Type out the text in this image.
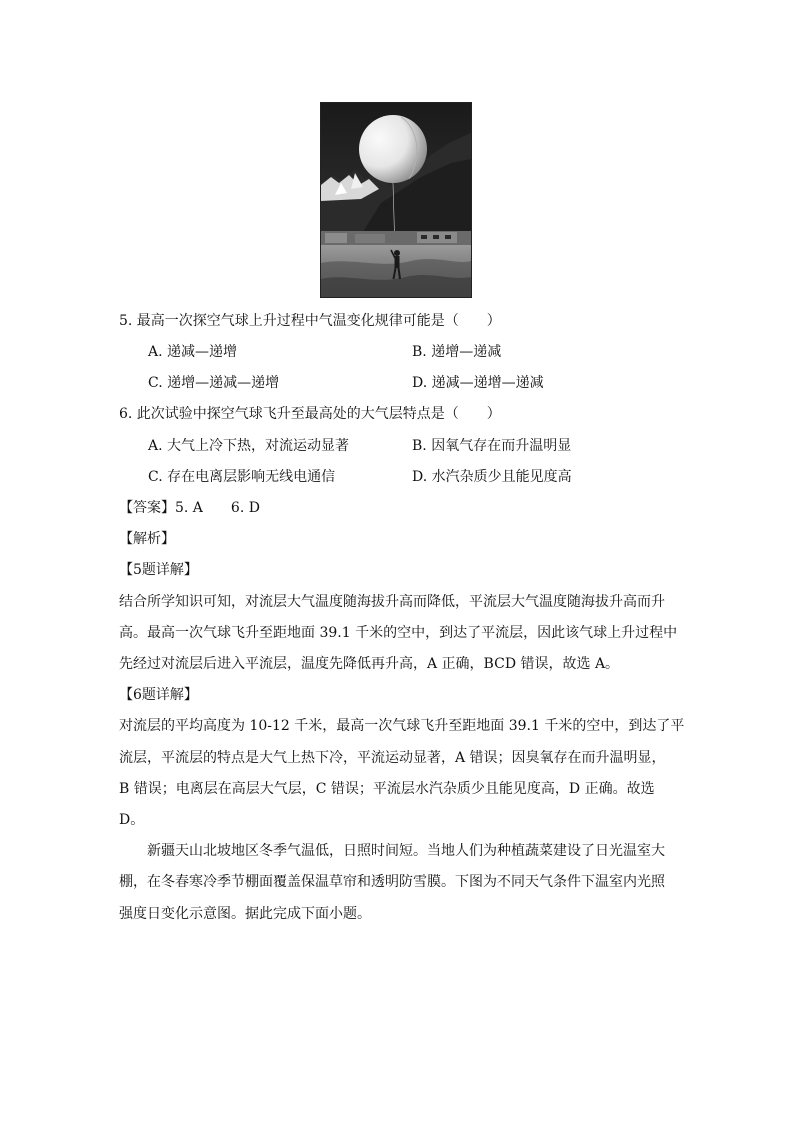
5. 最高一次探空气球上升过程中气温变化规律可能是（　　）
A. 递减—递增	B. 递增—递减
C. 递增—递减—递增	D. 递减—递增—递减
6. 此次试验中探空气球飞升至最高处的大气层特点是（　　）
A. 大气上冷下热，对流运动显著	B. 因氧气存在而升温明显
C. 存在电离层影响无线电通信	D. 水汽杂质少且能见度高
【答案】5. A　　6. D
【解析】
【5题详解】
结合所学知识可知，对流层大气温度随海拔升高而降低，平流层大气温度随海拔升高而升
高。最高一次气球飞升至距地面 39.1 千米的空中，到达了平流层，因此该气球上升过程中
先经过对流层后进入平流层，温度先降低再升高，A 正确，BCD 错误，故选 A。
【6题详解】
对流层的平均高度为 10-12 千米，最高一次气球飞升至距地面 39.1 千米的空中，到达了平
流层，平流层的特点是大气上热下冷，平流运动显著，A 错误；因臭氧存在而升温明显，
B 错误；电离层在高层大气层，C 错误；平流层水汽杂质少且能见度高，D 正确。故选
D。
新疆天山北坡地区冬季气温低，日照时间短。当地人们为种植蔬菜建设了日光温室大
棚，在冬春寒冷季节棚面覆盖保温草帘和透明防雪膜。下图为不同天气条件下温室内光照
强度日变化示意图。据此完成下面小题。
